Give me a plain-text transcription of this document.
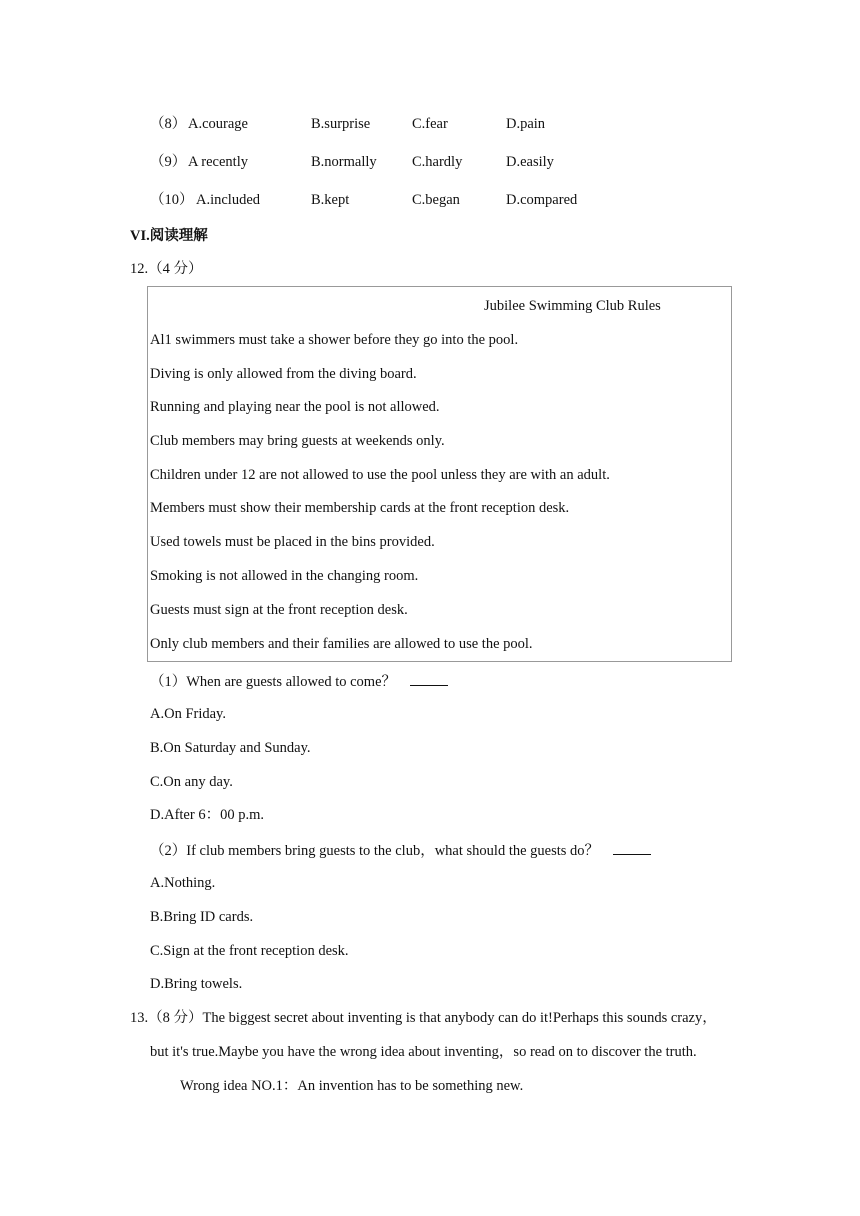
（8） A.courage	B.surprise	C.fear	D.pain
（9） A recently	B.normally C.hardly	D.easily
（10） A.included	B.kept	C.began	D.compared
VI.阅读理解
12.（4 分）
Jubilee Swimming Club Rules
Al1 swimmers must take a shower before they go into the pool.
Diving is only allowed from the diving board.
Running and playing near the pool is not allowed.
Club members may bring guests at weekends only.
Children under 12 are not allowed to use the pool unless they are with an adult.
Members must show their membership cards at the front reception desk.
Used towels must be placed in the bins provided.
Smoking is not allowed in the changing room.
Guests must sign at the front reception desk.
Only club members and their families are allowed to use the pool.
（1）When are guests allowed to come？
A.On Friday.
B.On Saturday and Sunday.
C.On any day.
D.After 6：00 p.m.
（2）If club members bring guests to the club，what should the guests do？
A.Nothing.
B.Bring ID cards.
C.Sign at the front reception desk.
D.Bring towels.
13.（8 分）The biggest secret about inventing is that anybody can do it!Perhaps this sounds crazy，
but it's true.Maybe you have the wrong idea about inventing，so read on to discover the truth.
Wrong idea NO.1：An invention has to be something new.
